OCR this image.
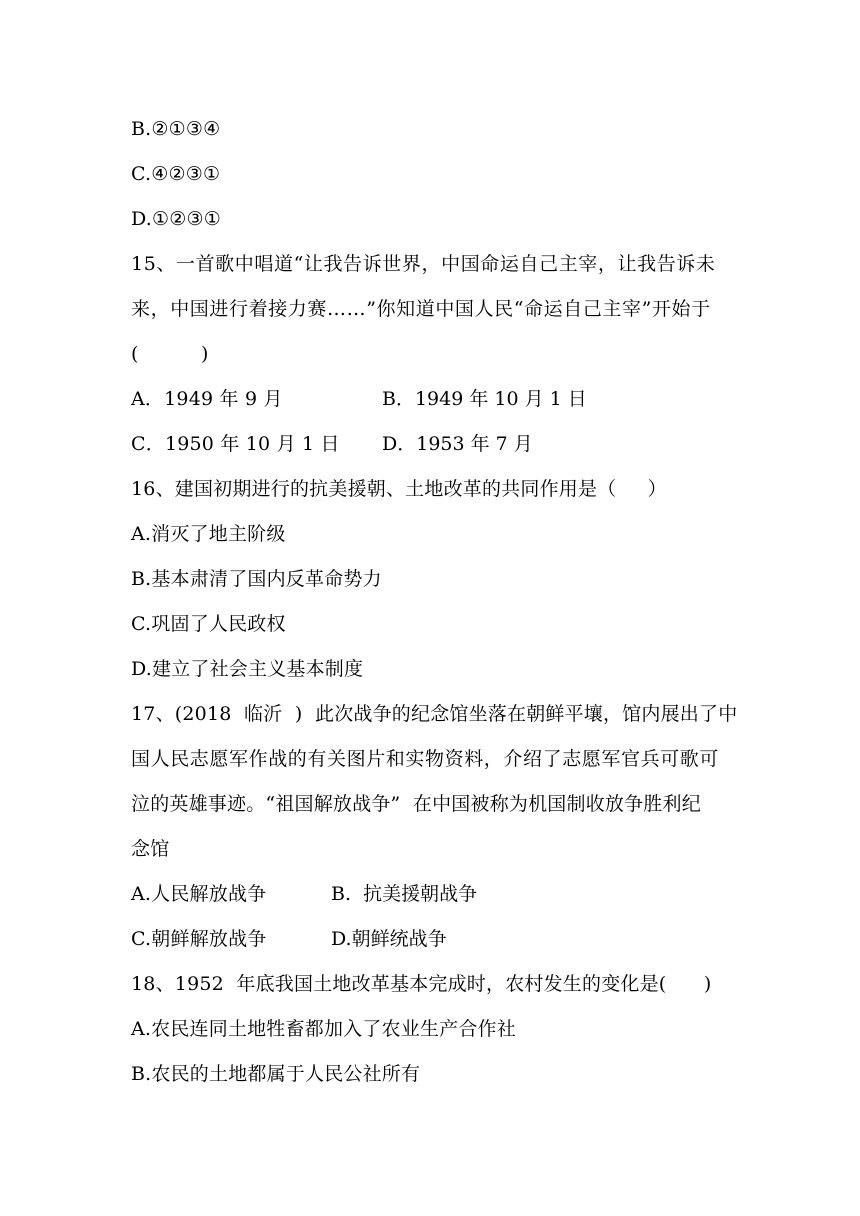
B.②①③④
C.④②③①
D.①②③①
15、一首歌中唱道“让我告诉世界，中国命运自己主宰，让我告诉未
来，中国进行着接力赛……”你知道中国人民“命运自己主宰”开始于
(          )
A．1949 年 9 月	B．1949 年 10 月 1 日
C．1950 年 10 月 1 日 D．1953 年 7 月
16、建国初期进行的抗美援朝、土地改革的共同作用是（     ）
A.消灭了地主阶级
B.基本肃清了国内反革命势力
C.巩固了人民政权
D.建立了社会主义基本制度
17、(2018  临沂  )  此次战争的纪念馆坐落在朝鲜平壤，馆内展出了中
国人民志愿军作战的有关图片和实物资料，介绍了志愿军官兵可歌可
泣的英雄事迹。“祖国解放战争”  在中国被称为机国制收放争胜利纪
念馆
A.人民解放战争	B.  抗美援朝战争
C.朝鲜解放战争	D.朝鲜统战争
18、1952  年底我国土地改革基本完成时，农村发生的变化是(      )
A.农民连同土地牲畜都加入了农业生产合作社
B.农民的土地都属于人民公社所有
